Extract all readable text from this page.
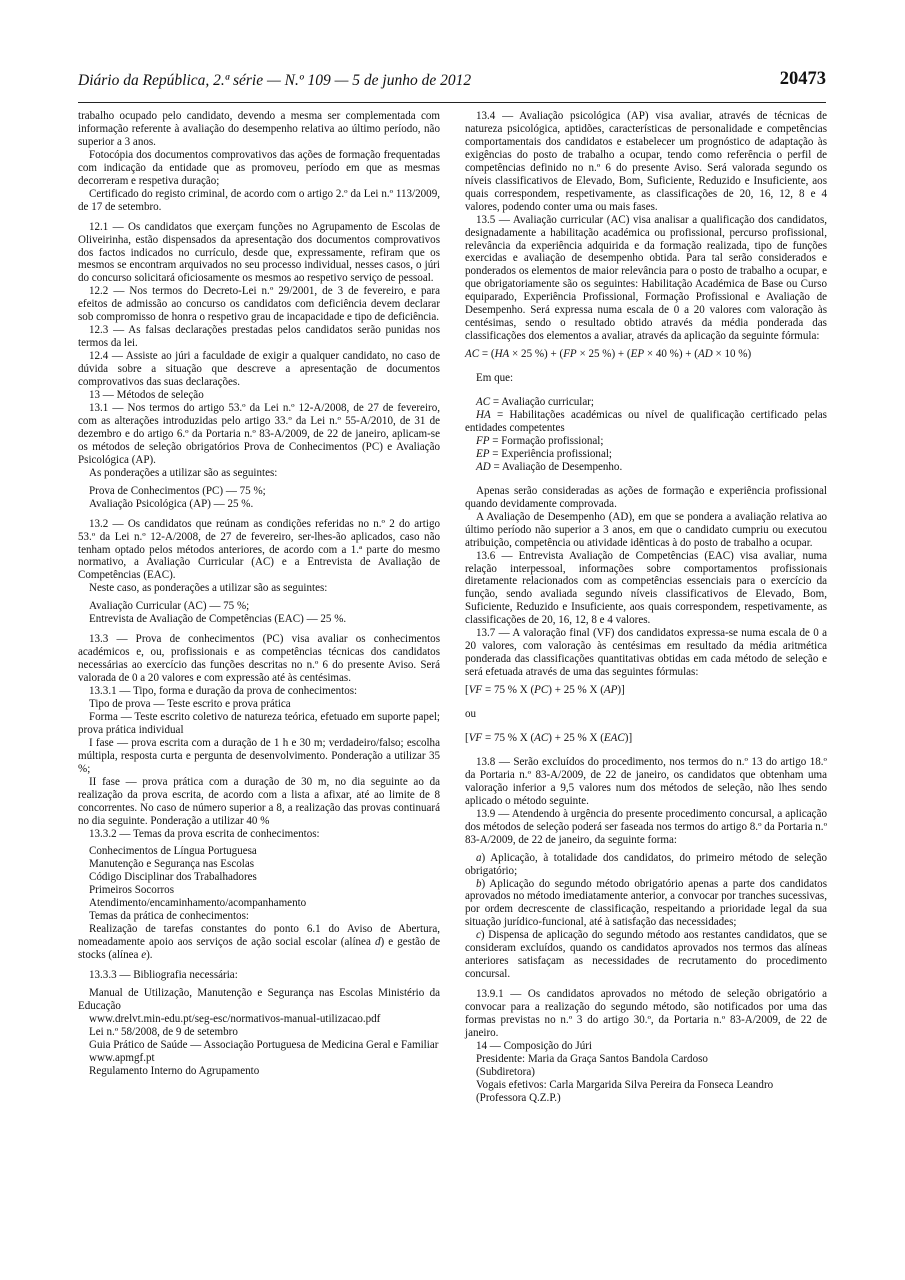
Diário da República, 2.ª série — N.º 109 — 5 de junho de 2012	20473

trabalho ocupado pelo candidato, devendo a mesma ser complementada com informação referente à avaliação do desempenho relativa ao último período, não superior a 3 anos.

Fotocópia dos documentos comprovativos das ações de formação frequentadas com indicação da entidade que as promoveu, período em que as mesmas decorreram e respetiva duração;

Certificado do registo criminal, de acordo com o artigo 2.º da Lei n.º 113/2009, de 17 de setembro.

12.1 — Os candidatos que exerçam funções no Agrupamento de Escolas de Oliveirinha, estão dispensados da apresentação dos documentos comprovativos dos factos indicados no currículo, desde que, expressamente, refiram que os mesmos se encontram arquivados no seu processo individual, nesses casos, o júri do concurso solicitará oficiosamente os mesmos ao respetivo serviço de pessoal.

12.2 — Nos termos do Decreto-Lei n.º 29/2001, de 3 de fevereiro, e para efeitos de admissão ao concurso os candidatos com deficiência devem declarar sob compromisso de honra o respetivo grau de incapacidade e tipo de deficiência.

12.3 — As falsas declarações prestadas pelos candidatos serão punidas nos termos da lei.

12.4 — Assiste ao júri a faculdade de exigir a qualquer candidato, no caso de dúvida sobre a situação que descreve a apresentação de documentos comprovativos das suas declarações.

13 — Métodos de seleção

13.1 — Nos termos do artigo 53.º da Lei n.º 12-A/2008, de 27 de fevereiro, com as alterações introduzidas pelo artigo 33.º da Lei n.º 55-A/2010, de 31 de dezembro e do artigo 6.º da Portaria n.º 83-A/2009, de 22 de janeiro, aplicam-se os métodos de seleção obrigatórios Prova de Conhecimentos (PC) e Avaliação Psicológica (AP).

As ponderações a utilizar são as seguintes:

Prova de Conhecimentos (PC) — 75 %;

Avaliação Psicológica (AP) — 25 %.

13.2 — Os candidatos que reúnam as condições referidas no n.º 2 do artigo 53.º da Lei n.º 12-A/2008, de 27 de fevereiro, ser-lhes-ão aplicados, caso não tenham optado pelos métodos anteriores, de acordo com a 1.ª parte do mesmo normativo, a Avaliação Curricular (AC) e a Entrevista de Avaliação de Competências (EAC).

Neste caso, as ponderações a utilizar são as seguintes:

Avaliação Curricular (AC) — 75 %;

Entrevista de Avaliação de Competências (EAC) — 25 %.

13.3 — Prova de conhecimentos (PC) visa avaliar os conhecimentos académicos e, ou, profissionais e as competências técnicas dos candidatos necessárias ao exercício das funções descritas no n.º 6 do presente Aviso. Será valorada de 0 a 20 valores e com expressão até às centésimas.

13.3.1 — Tipo, forma e duração da prova de conhecimentos:

Tipo de prova — Teste escrito e prova prática

Forma — Teste escrito coletivo de natureza teórica, efetuado em suporte papel; prova prática individual

I fase — prova escrita com a duração de 1 h e 30 m; verdadeiro/falso; escolha múltipla, resposta curta e pergunta de desenvolvimento. Ponderação a utilizar 35 %;

II fase — prova prática com a duração de 30 m, no dia seguinte ao da realização da prova escrita, de acordo com a lista a afixar, até ao limite de 8 concorrentes. No caso de número superior a 8, a realização das provas continuará no dia seguinte. Ponderação a utilizar 40 %

13.3.2 — Temas da prova escrita de conhecimentos:

Conhecimentos de Língua Portuguesa

Manutenção e Segurança nas Escolas

Código Disciplinar dos Trabalhadores

Primeiros Socorros

Atendimento/encaminhamento/acompanhamento

Temas da prática de conhecimentos:

Realização de tarefas constantes do ponto 6.1 do Aviso de Abertura, nomeadamente apoio aos serviços de ação social escolar (alínea d) e gestão de stocks (alínea e).

13.3.3 — Bibliografia necessária:

Manual de Utilização, Manutenção e Segurança nas Escolas Ministério da Educação

www.drelvt.min-edu.pt/seg-esc/normativos-manual-utilizacao.pdf

Lei n.º 58/2008, de 9 de setembro

Guia Prático de Saúde — Associação Portuguesa de Medicina Geral e Familiar

www.apmgf.pt

Regulamento Interno do Agrupamento

13.4 — Avaliação psicológica (AP) visa avaliar, através de técnicas de natureza psicológica, aptidões, características de personalidade e competências comportamentais dos candidatos e estabelecer um prognóstico de adaptação às exigências do posto de trabalho a ocupar, tendo como referência o perfil de competências definido no n.º 6 do presente Aviso. Será valorada segundo os níveis classificativos de Elevado, Bom, Suficiente, Reduzido e Insuficiente, aos quais correspondem, respetivamente, as classificações de 20, 16, 12, 8 e 4 valores, podendo conter uma ou mais fases.

13.5 — Avaliação curricular (AC) visa analisar a qualificação dos candidatos, designadamente a habilitação académica ou profissional, percurso profissional, relevância da experiência adquirida e da formação realizada, tipo de funções exercidas e avaliação de desempenho obtida. Para tal serão considerados e ponderados os elementos de maior relevância para o posto de trabalho a ocupar, e que obrigatoriamente são os seguintes: Habilitação Académica de Base ou Curso equiparado, Experiência Profissional, Formação Profissional e Avaliação de Desempenho. Será expressa numa escala de 0 a 20 valores com valoração às centésimas, sendo o resultado obtido através da média ponderada das classificações dos elementos a avaliar, através da aplicação da seguinte fórmula:

AC = (HA × 25 %) + (FP × 25 %) + (EP × 40 %) + (AD × 10 %)

Em que:

AC = Avaliação curricular;

HA = Habilitações académicas ou nível de qualificação certificado pelas entidades competentes

FP = Formação profissional;

EP = Experiência profissional;

AD = Avaliação de Desempenho.

Apenas serão consideradas as ações de formação e experiência profissional quando devidamente comprovada.

A Avaliação de Desempenho (AD), em que se pondera a avaliação relativa ao último período não superior a 3 anos, em que o candidato cumpriu ou executou atribuição, competência ou atividade idênticas à do posto de trabalho a ocupar.

13.6 — Entrevista Avaliação de Competências (EAC) visa avaliar, numa relação interpessoal, informações sobre comportamentos profissionais diretamente relacionados com as competências essenciais para o exercício da função, sendo avaliada segundo níveis classificativos de Elevado, Bom, Suficiente, Reduzido e Insuficiente, aos quais correspondem, respetivamente, as classificações de 20, 16, 12, 8 e 4 valores.

13.7 — A valoração final (VF) dos candidatos expressa-se numa escala de 0 a 20 valores, com valoração às centésimas em resultado da média aritmética ponderada das classificações quantitativas obtidas em cada método de seleção e será efetuada através de uma das seguintes fórmulas:

[VF = 75 % X (PC) + 25 % X (AP)]

ou

[VF = 75 % X (AC) + 25 % X (EAC)]

13.8 — Serão excluídos do procedimento, nos termos do n.º 13 do artigo 18.º da Portaria n.º 83-A/2009, de 22 de janeiro, os candidatos que obtenham uma valoração inferior a 9,5 valores num dos métodos de seleção, não lhes sendo aplicado o método seguinte.

13.9 — Atendendo à urgência do presente procedimento concursal, a aplicação dos métodos de seleção poderá ser faseada nos termos do artigo 8.º da Portaria n.º 83-A/2009, de 22 de janeiro, da seguinte forma:

a) Aplicação, à totalidade dos candidatos, do primeiro método de seleção obrigatório;

b) Aplicação do segundo método obrigatório apenas a parte dos candidatos aprovados no método imediatamente anterior, a convocar por tranches sucessivas, por ordem decrescente de classificação, respeitando a prioridade legal da sua situação jurídico-funcional, até à satisfação das necessidades;

c) Dispensa de aplicação do segundo método aos restantes candidatos, que se consideram excluídos, quando os candidatos aprovados nos termos das alíneas anteriores satisfaçam as necessidades de recrutamento do procedimento concursal.

13.9.1 — Os candidatos aprovados no método de seleção obrigatório a convocar para a realização do segundo método, são notificados por uma das formas previstas no n.º 3 do artigo 30.º, da Portaria n.º 83-A/2009, de 22 de janeiro.

14 — Composição do Júri

Presidente: Maria da Graça Santos Bandola Cardoso

(Subdiretora)

Vogais efetivos: Carla Margarida Silva Pereira da Fonseca Leandro

(Professora Q.Z.P.)
